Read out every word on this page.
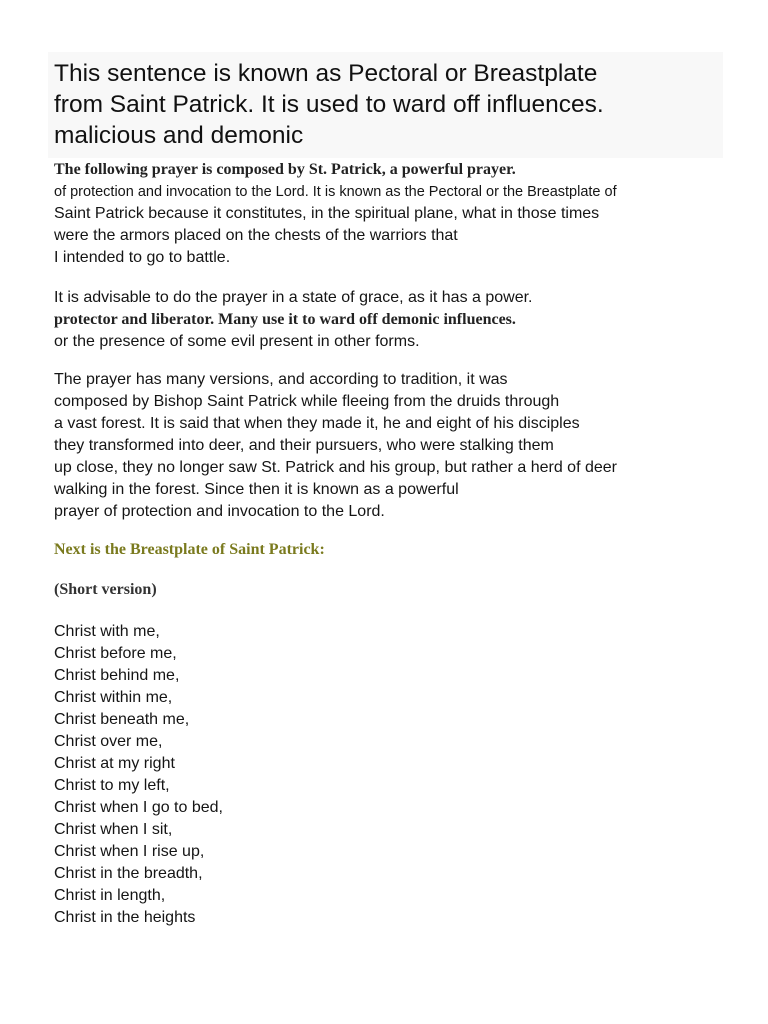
This sentence is known as Pectoral or Breastplate
from Saint Patrick. It is used to ward off influences.
malicious and demonic

The following prayer is composed by St. Patrick, a powerful prayer.

of protection and invocation to the Lord. It is known as the Pectoral or the Breastplate of

Saint Patrick because it constitutes, in the spiritual plane, what in those times

were the armors placed on the chests of the warriors that

I intended to go to battle.

It is advisable to do the prayer in a state of grace, as it has a power.

protector and liberator. Many use it to ward off demonic influences.

or the presence of some evil present in other forms.

The prayer has many versions, and according to tradition, it was

composed by Bishop Saint Patrick while fleeing from the druids through

a vast forest. It is said that when they made it, he and eight of his disciples

they transformed into deer, and their pursuers, who were stalking them

up close, they no longer saw St. Patrick and his group, but rather a herd of deer

walking in the forest. Since then it is known as a powerful

prayer of protection and invocation to the Lord.

Next is the Breastplate of Saint Patrick:

(Short version)

Christ with me,

Christ before me,

Christ behind me,

Christ within me,

Christ beneath me,

Christ over me,

Christ at my right

Christ to my left,

Christ when I go to bed,

Christ when I sit,

Christ when I rise up,

Christ in the breadth,

Christ in length,

Christ in the heights
